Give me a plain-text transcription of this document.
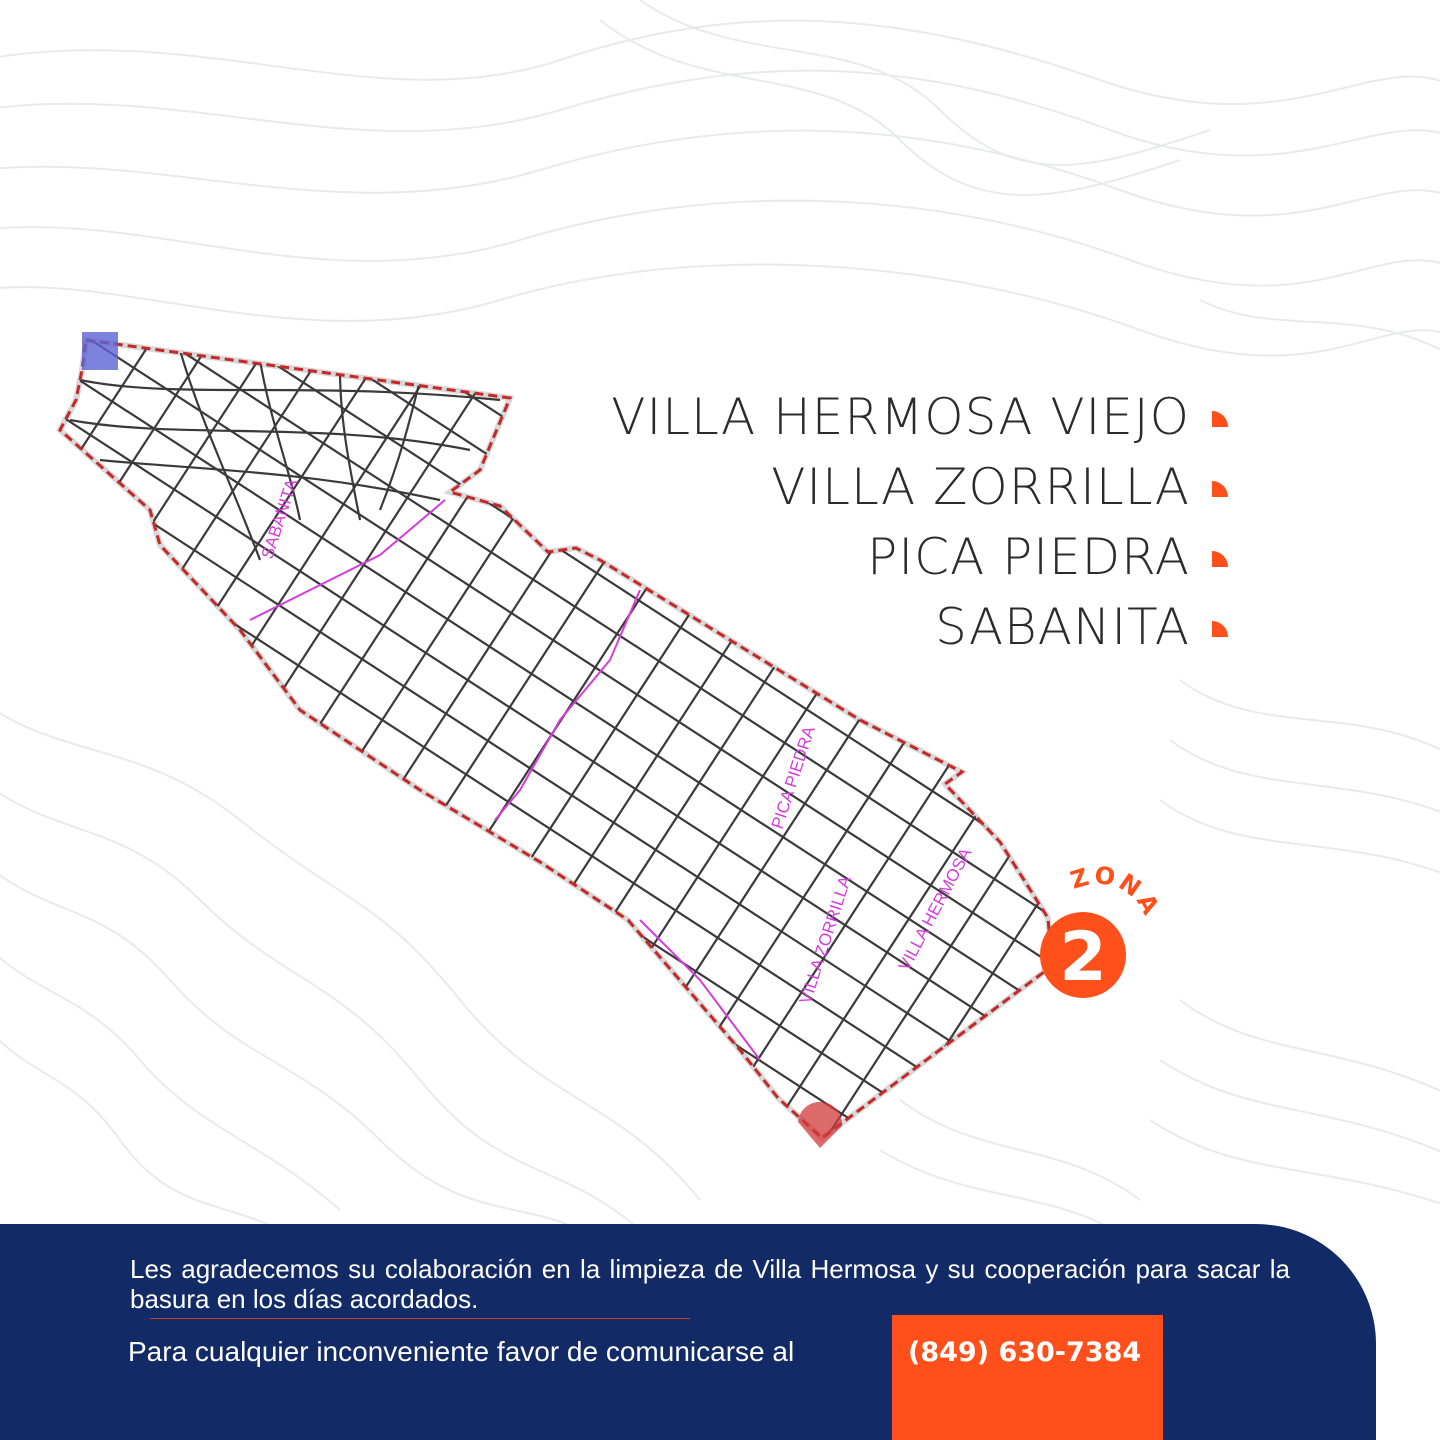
SABANITA
PICA PIEDRA
VILLA ZORRILLA VILLA HERMOSA
VILLA HERMOSA VIEJO
VILLA ZORRILLA
PICA PIEDRA
SABANITA
ZONA
2
Les agradecemos su colaboración en la limpieza de Villa Hermosa y su cooperación para sacar la basura en los días acordados.
Para cualquier inconveniente favor de comunicarse al	(849) 630-7384
